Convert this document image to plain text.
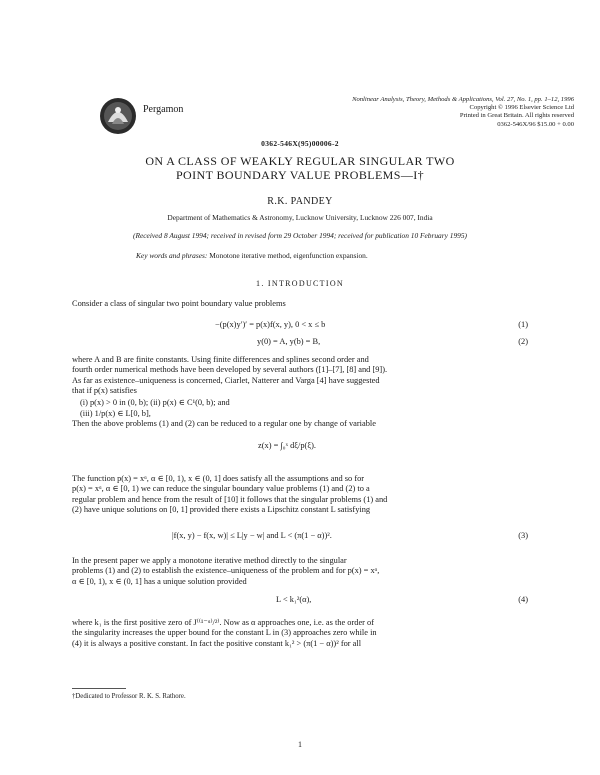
Pergamon
Nonlinear Analysis, Theory, Methods & Applications, Vol. 27, No. 1, pp. 1–12, 1996
Copyright © 1996 Elsevier Science Ltd
Printed in Great Britain. All rights reserved
0362-546X/96 $15.00 + 0.00
0362-546X(95)00006-2
ON A CLASS OF WEAKLY REGULAR SINGULAR TWO
POINT BOUNDARY VALUE PROBLEMS—I†
R.K. PANDEY
Department of Mathematics & Astronomy, Lucknow University, Lucknow 226 007, India
(Received 8 August 1994; received in revised form 29 October 1994; received for publication 10 February 1995)
Key words and phrases: Monotone iterative method, eigenfunction expansion.
1. INTRODUCTION
Consider a class of singular two point boundary value problems
−(p(x)y′)′ = p(x)f(x, y), 0 < x ≤ b	(1)
y(0) = A, y(b) = B,	(2)
where A and B are finite constants. Using finite differences and splines second order and
fourth order numerical methods have been developed by several authors ([1]–[7], [8] and [9]).
As far as existence–uniqueness is concerned, Ciarlet, Natterer and Varga [4] have suggested
that if p(x) satisfies
(i) p(x) > 0 in (0, b); (ii) p(x) ∈ C¹(0, b); and
(iii) 1/p(x) ∈ L[0, b],
Then the above problems (1) and (2) can be reduced to a regular one by change of variable
z(x) = ∫₀ˣ dξ/p(ξ).
The function p(x) = xᵅ, α ∈ [0, 1), x ∈ (0, 1] does satisfy all the assumptions and so for
p(x) = xᵅ, α ∈ [0, 1) we can reduce the singular boundary value problems (1) and (2) to a
regular problem and hence from the result of [10] it follows that the singular problems (1) and
(2) have unique solutions on [0, 1] provided there exists a Lipschitz constant L satisfying
|f(x, y) − f(x, w)| ≤ L|y − w| and L < (π(1 − α))².	(3)
In the present paper we apply a monotone iterative method directly to the singular
problems (1) and (2) to establish the existence–uniqueness of the problem and for p(x) = xᵅ,
α ∈ [0, 1), x ∈ (0, 1] has a unique solution provided
L < k₁²(α),	(4)
where k₁ is the first positive zero of J⁽⁽¹⁻ᵅ⁾/²⁾. Now as α approaches one, i.e. as the order of
the singularity increases the upper bound for the constant L in (3) approaches zero while in
(4) it is always a positive constant. In fact the positive constant k₁² > (π(1 − α))² for all
†Dedicated to Professor R. K. S. Rathore.
1
